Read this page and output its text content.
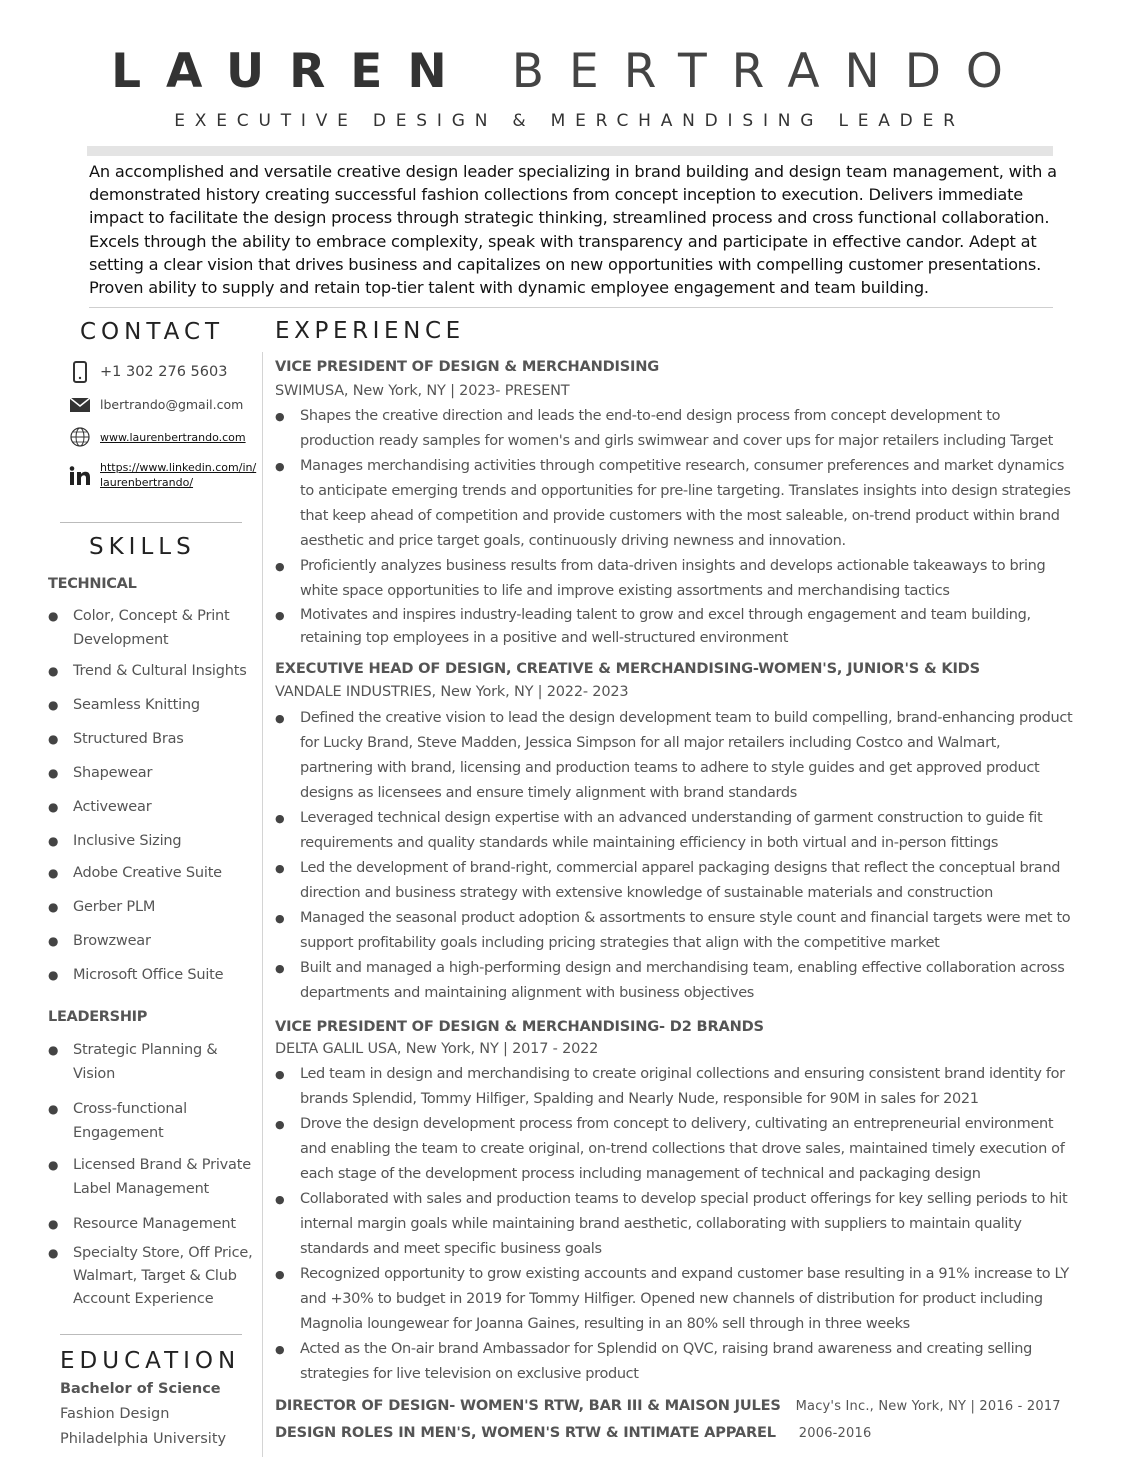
LAUREN BERTRANDO
EXECUTIVE DESIGN & MERCHANDISING LEADER
An accomplished and versatile creative design leader specializing in brand building and design team management, with a demonstrated history creating successful fashion collections from concept inception to execution. Delivers immediate impact to facilitate the design process through strategic thinking, streamlined process and cross functional collaboration. Excels through the ability to embrace complexity, speak with transparency and participate in effective candor. Adept at setting a clear vision that drives business and capitalizes on new opportunities with compelling customer presentations. Proven ability to supply and retain top-tier talent with dynamic employee engagement and team building.
CONTACT
+1 302 276 5603
lbertrando@gmail.com
www.laurenbertrando.com
https://www.linkedin.com/in/
laurenbertrando/
SKILLS
TECHNICAL
●	Color, Concept & Print Development
●	Trend & Cultural Insights
●	Seamless Knitting
●	Structured Bras
●	Shapewear
●	Activewear
●	Inclusive Sizing
●	Adobe Creative Suite
●	Gerber PLM
●	Browzwear
●	Microsoft Office Suite
LEADERSHIP
●	Strategic Planning & Vision
●	Cross-functional Engagement
●	Licensed Brand & Private Label Management
●	Resource Management
●	Specialty Store, Off Price, Walmart, Target & Club Account Experience
EDUCATION
Bachelor of Science
Fashion Design
Philadelphia University
EXPERIENCE
VICE PRESIDENT OF DESIGN & MERCHANDISING
SWIMUSA, New York, NY | 2023- PRESENT
●	Shapes the creative direction and leads the end-to-end design process from concept development to production ready samples for women's and girls swimwear and cover ups for major retailers including Target
●	Manages merchandising activities through competitive research, consumer preferences and market dynamics to anticipate emerging trends and opportunities for pre-line targeting. Translates insights into design strategies that keep ahead of competition and provide customers with the most saleable, on-trend product within brand aesthetic and price target goals, continuously driving newness and innovation.
●	Proficiently analyzes business results from data-driven insights and develops actionable takeaways to bring white space opportunities to life and improve existing assortments and merchandising tactics
●	Motivates and inspires industry-leading talent to grow and excel through engagement and team building, retaining top employees in a positive and well-structured environment
EXECUTIVE HEAD OF DESIGN, CREATIVE & MERCHANDISING-WOMEN'S, JUNIOR'S & KIDS
VANDALE INDUSTRIES, New York, NY | 2022- 2023
●	Defined the creative vision to lead the design development team to build compelling, brand-enhancing product for Lucky Brand, Steve Madden, Jessica Simpson for all major retailers including Costco and Walmart, partnering with brand, licensing and production teams to adhere to style guides and get approved product designs as licensees and ensure timely alignment with brand standards
●	Leveraged technical design expertise with an advanced understanding of garment construction to guide fit requirements and quality standards while maintaining efficiency in both virtual and in-person fittings
●	Led the development of brand-right, commercial apparel packaging designs that reflect the conceptual brand direction and business strategy with extensive knowledge of sustainable materials and construction
●	Managed the seasonal product adoption & assortments to ensure style count and financial targets were met to support profitability goals including pricing strategies that align with the competitive market
●	Built and managed a high-performing design and merchandising team, enabling effective collaboration across departments and maintaining alignment with business objectives
VICE PRESIDENT OF DESIGN & MERCHANDISING- D2 BRANDS
DELTA GALIL USA, New York, NY | 2017 - 2022
●	Led team in design and merchandising to create original collections and ensuring consistent brand identity for brands Splendid, Tommy Hilfiger, Spalding and Nearly Nude, responsible for 90M in sales for 2021
●	Drove the design development process from concept to delivery, cultivating an entrepreneurial environment and enabling the team to create original, on-trend collections that drove sales, maintained timely execution of each stage of the development process including management of technical and packaging design
●	Collaborated with sales and production teams to develop special product offerings for key selling periods to hit internal margin goals while maintaining brand aesthetic, collaborating with suppliers to maintain quality standards and meet specific business goals
●	Recognized opportunity to grow existing accounts and expand customer base resulting in a 91% increase to LY and +30% to budget in 2019 for Tommy Hilfiger. Opened new channels of distribution for product including Magnolia loungewear for Joanna Gaines, resulting in an 80% sell through in three weeks
●	Acted as the On-air brand Ambassador for Splendid on QVC, raising brand awareness and creating selling strategies for live television on exclusive product
DIRECTOR OF DESIGN- WOMEN'S RTW, BAR III & MAISON JULES Macy's Inc., New York, NY | 2016 - 2017
DESIGN ROLES IN MEN'S, WOMEN'S RTW & INTIMATE APPAREL 2006-2016
